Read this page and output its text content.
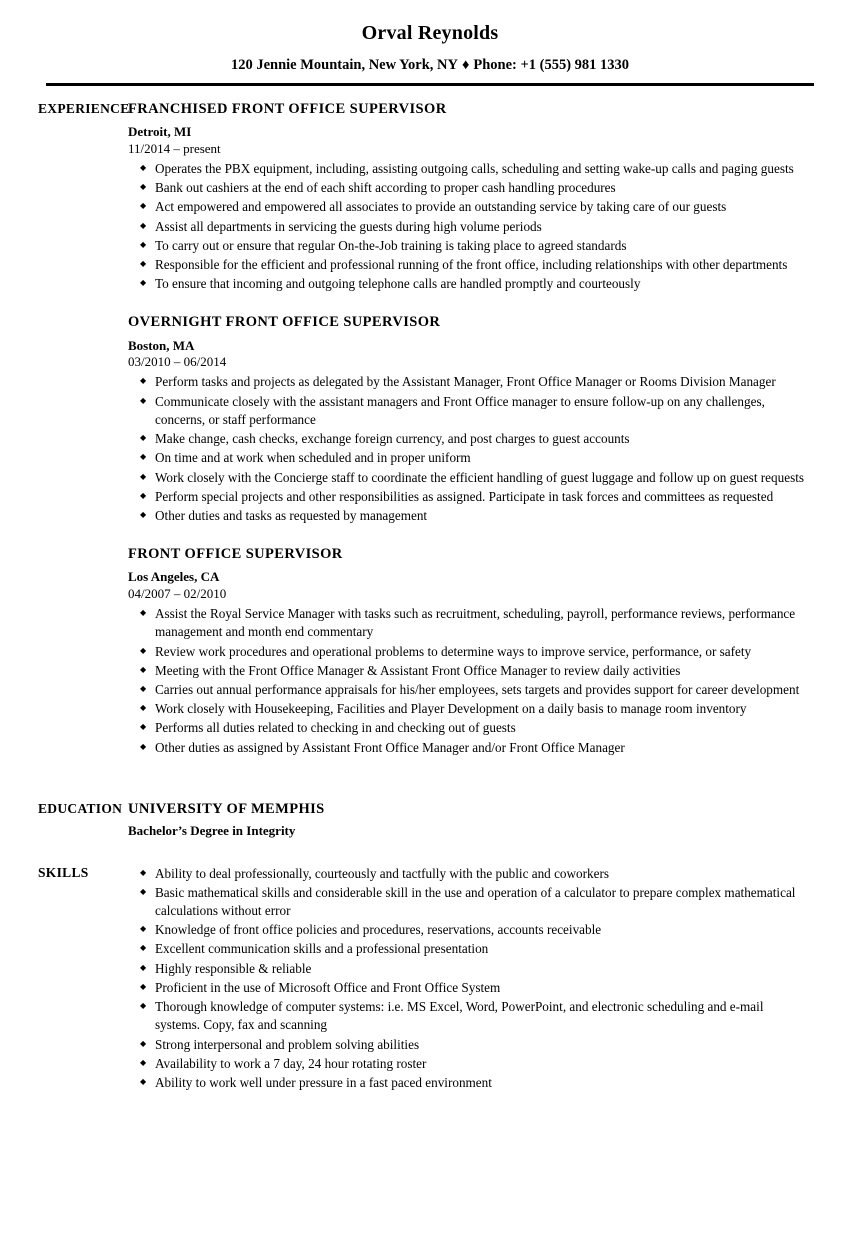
Orval Reynolds
120 Jennie Mountain, New York, NY ♦ Phone: +1 (555) 981 1330
EXPERIENCE
FRANCHISED FRONT OFFICE SUPERVISOR
Detroit, MI
11/2014 – present
◆ Operates the PBX equipment, including, assisting outgoing calls, scheduling and setting wake-up calls and paging guests
◆ Bank out cashiers at the end of each shift according to proper cash handling procedures
◆ Act empowered and empowered all associates to provide an outstanding service by taking care of our guests
◆ Assist all departments in servicing the guests during high volume periods
◆ To carry out or ensure that regular On-the-Job training is taking place to agreed standards
◆ Responsible for the efficient and professional running of the front office, including relationships with other departments
◆ To ensure that incoming and outgoing telephone calls are handled promptly and courteously
OVERNIGHT FRONT OFFICE SUPERVISOR
Boston, MA
03/2010 – 06/2014
◆ Perform tasks and projects as delegated by the Assistant Manager, Front Office Manager or Rooms Division Manager
◆ Communicate closely with the assistant managers and Front Office manager to ensure follow-up on any challenges, concerns, or staff performance
◆ Make change, cash checks, exchange foreign currency, and post charges to guest accounts
◆ On time and at work when scheduled and in proper uniform
◆ Work closely with the Concierge staff to coordinate the efficient handling of guest luggage and follow up on guest requests
◆ Perform special projects and other responsibilities as assigned. Participate in task forces and committees as requested
◆ Other duties and tasks as requested by management
FRONT OFFICE SUPERVISOR
Los Angeles, CA
04/2007 – 02/2010
◆ Assist the Royal Service Manager with tasks such as recruitment, scheduling, payroll, performance reviews, performance management and month end commentary
◆ Review work procedures and operational problems to determine ways to improve service, performance, or safety
◆ Meeting with the Front Office Manager & Assistant Front Office Manager to review daily activities
◆ Carries out annual performance appraisals for his/her employees, sets targets and provides support for career development
◆ Work closely with Housekeeping, Facilities and Player Development on a daily basis to manage room inventory
◆ Performs all duties related to checking in and checking out of guests
◆ Other duties as assigned by Assistant Front Office Manager and/or Front Office Manager
EDUCATION UNIVERSITY OF MEMPHIS
Bachelor’s Degree in Integrity
SKILLS	◆ Ability to deal professionally, courteously and tactfully with the public and coworkers
◆ Basic mathematical skills and considerable skill in the use and operation of a calculator to prepare complex mathematical calculations without error
◆ Knowledge of front office policies and procedures, reservations, accounts receivable
◆ Excellent communication skills and a professional presentation
◆ Highly responsible & reliable
◆ Proficient in the use of Microsoft Office and Front Office System
◆ Thorough knowledge of computer systems: i.e. MS Excel, Word, PowerPoint, and electronic scheduling and e-mail systems. Copy, fax and scanning
◆ Strong interpersonal and problem solving abilities
◆ Availability to work a 7 day, 24 hour rotating roster
◆ Ability to work well under pressure in a fast paced environment
